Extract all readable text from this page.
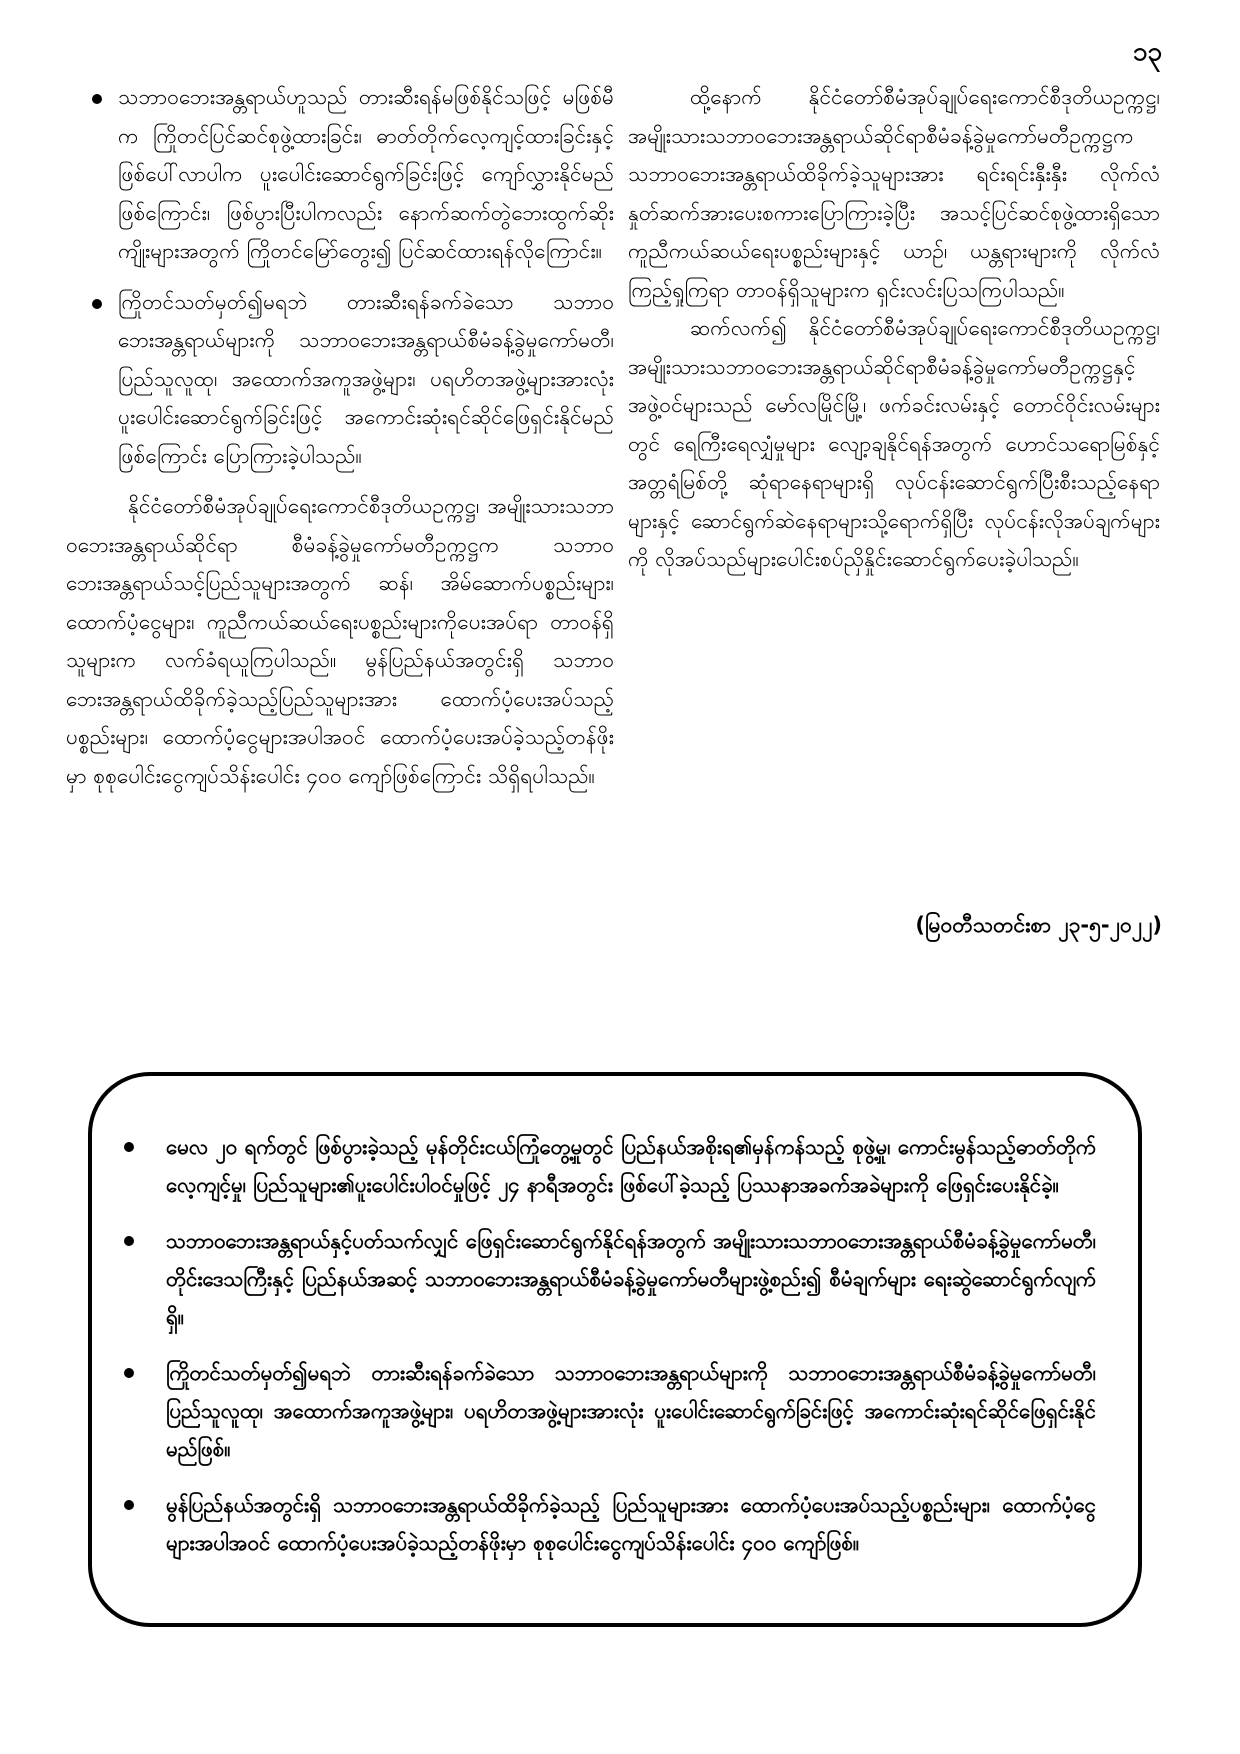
၁၃
သဘာဝဘေးအန္တရာယ်ဟူသည် တားဆီးရန်မဖြစ်နိုင်သဖြင့် မဖြစ်မီက ကြိုတင်ပြင်ဆင်စုဖွဲ့ထားခြင်း၊ ဓာတ်တိုက်လေ့ကျင့်ထားခြင်းနှင့် ဖြစ်ပေါ်လာပါက ပူးပေါင်းဆောင်ရွက်ခြင်းဖြင့် ကျော်လွှားနိုင်မည်ဖြစ်ကြောင်း၊ ဖြစ်ပွားပြီးပါကလည်း နောက်ဆက်တွဲဘေးထွက်ဆိုးကျိုးများအတွက် ကြိုတင်မြော်တွေး၍ ပြင်ဆင်ထားရန်လိုကြောင်း။
ကြိုတင်သတ်မှတ်၍မရဘဲ တားဆီးရန်ခက်ခဲသော သဘာဝဘေးအန္တရာယ်များကို သဘာဝဘေးအန္တရာယ်စီမံခန့်ခွဲမှုကော်မတီ၊ ပြည်သူလူထု၊ အထောက်အကူအဖွဲ့များ၊ ပရဟိတအဖွဲ့များအားလုံး ပူးပေါင်းဆောင်ရွက်ခြင်းဖြင့် အကောင်းဆုံးရင်ဆိုင်ဖြေရှင်းနိုင်မည်ဖြစ်ကြောင်း ပြောကြားခဲ့ပါသည်။

နိုင်ငံတော်စီမံအုပ်ချုပ်ရေးကောင်စီဒုတိယဥက္ကဋ္ဌ၊ အမျိုးသားသဘာဝဘေးအန္တရာယ်ဆိုင်ရာ စီမံခန့်ခွဲမှုကော်မတီဥက္ကဋ္ဌက သဘာဝဘေးအန္တရာယ်သင့်ပြည်သူများအတွက် ဆန်၊ အိမ်ဆောက်ပစ္စည်းများ၊ ထောက်ပံ့ငွေများ၊ ကူညီကယ်ဆယ်ရေးပစ္စည်းများကိုပေးအပ်ရာ တာဝန်ရှိသူများက လက်ခံရယူကြပါသည်။ မွန်ပြည်နယ်အတွင်းရှိ သဘာဝဘေးအန္တရာယ်ထိခိုက်ခဲ့သည့်ပြည်သူများအား ထောက်ပံ့ပေးအပ်သည့်ပစ္စည်းများ၊ ထောက်ပံ့ငွေများအပါအဝင် ထောက်ပံ့ပေးအပ်ခဲ့သည့်တန်ဖိုးမှာ စုစုပေါင်းငွေကျပ်သိန်းပေါင်း ၄၀၀ ကျော်ဖြစ်ကြောင်း သိရှိရပါသည်။

ထို့နောက် နိုင်ငံတော်စီမံအုပ်ချုပ်ရေးကောင်စီဒုတိယဥက္ကဋ္ဌ၊ အမျိုးသားသဘာဝဘေးအန္တရာယ်ဆိုင်ရာစီမံခန့်ခွဲမှုကော်မတီဥက္ကဋ္ဌက သဘာဝဘေးအန္တရာယ်ထိခိုက်ခဲ့သူများအား ရင်းရင်းနှီးနှီး လိုက်လံနှုတ်ဆက်အားပေးစကားပြောကြားခဲ့ပြီး အသင့်ပြင်ဆင်စုဖွဲ့ထားရှိသော ကူညီကယ်ဆယ်ရေးပစ္စည်းများနှင့် ယာဉ်၊ ယန္တရားများကို လိုက်လံကြည့်ရှုကြရာ တာဝန်ရှိသူများက ရှင်းလင်းပြသကြပါသည်။

ဆက်လက်၍ နိုင်ငံတော်စီမံအုပ်ချုပ်ရေးကောင်စီဒုတိယဥက္ကဋ္ဌ၊ အမျိုးသားသဘာဝဘေးအန္တရာယ်ဆိုင်ရာစီမံခန့်ခွဲမှုကော်မတီဥက္ကဋ္ဌနှင့်အဖွဲ့ဝင်များသည် မော်လမြိုင်မြို့၊ ဖက်ခင်းလမ်းနှင့် တောင်ဝိုင်းလမ်းများတွင် ရေကြီးရေလျှံမှုများ လျော့ချနိုင်ရန်အတွက် ဟောင်သရောမြစ်နှင့် အတ္တရံမြစ်တို့ ဆုံရာနေရာများရှိ လုပ်ငန်းဆောင်ရွက်ပြီးစီးသည့်နေရာများနှင့် ဆောင်ရွက်ဆဲနေရာများသို့ရောက်ရှိပြီး လုပ်ငန်းလိုအပ်ချက်များကို လိုအပ်သည်များပေါင်းစပ်ညှိနှိုင်းဆောင်ရွက်ပေးခဲ့ပါသည်။

(မြဝတီသတင်းစာ ၂၃-၅-၂၀၂၂)
မေလ ၂၀ ရက်တွင် ဖြစ်ပွားခဲ့သည့် မုန်တိုင်းငယ်ကြုံတွေ့မှုတွင် ပြည်နယ်အစိုးရ၏မှန်ကန်သည့် စုဖွဲ့မှု၊ ကောင်းမွန်သည့်ဓာတ်တိုက်လေ့ကျင့်မှု၊ ပြည်သူများ၏ပူးပေါင်းပါဝင်မှုဖြင့် ၂၄ နာရီအတွင်း ဖြစ်ပေါ်ခဲ့သည့် ပြဿနာအခက်အခဲများကို ဖြေရှင်းပေးနိုင်ခဲ့။
သဘာဝဘေးအန္တရာယ်နှင့်ပတ်သက်လျှင် ဖြေရှင်းဆောင်ရွက်နိုင်ရန်အတွက် အမျိုးသားသဘာဝဘေးအန္တရာယ်စီမံခန့်ခွဲမှုကော်မတီ၊ တိုင်းဒေသကြီးနှင့် ပြည်နယ်အဆင့် သဘာဝဘေးအန္တရာယ်စီမံခန့်ခွဲမှုကော်မတီများဖွဲ့စည်း၍ စီမံချက်များ ရေးဆွဲဆောင်ရွက်လျက်ရှိ။
ကြိုတင်သတ်မှတ်၍မရဘဲ တားဆီးရန်ခက်ခဲသော သဘာဝဘေးအန္တရာယ်များကို သဘာဝဘေးအန္တရာယ်စီမံခန့်ခွဲမှုကော်မတီ၊ ပြည်သူလူထု၊ အထောက်အကူအဖွဲ့များ၊ ပရဟိတအဖွဲ့များအားလုံး ပူးပေါင်းဆောင်ရွက်ခြင်းဖြင့် အကောင်းဆုံးရင်ဆိုင်ဖြေရှင်းနိုင်မည်ဖြစ်။
မွန်ပြည်နယ်အတွင်းရှိ သဘာဝဘေးအန္တရာယ်ထိခိုက်ခဲ့သည့် ပြည်သူများအား ထောက်ပံ့ပေးအပ်သည့်ပစ္စည်းများ၊ ထောက်ပံ့ငွေများအပါအဝင် ထောက်ပံ့ပေးအပ်ခဲ့သည့်တန်ဖိုးမှာ စုစုပေါင်းငွေကျပ်သိန်းပေါင်း ၄၀၀ ကျော်ဖြစ်။
